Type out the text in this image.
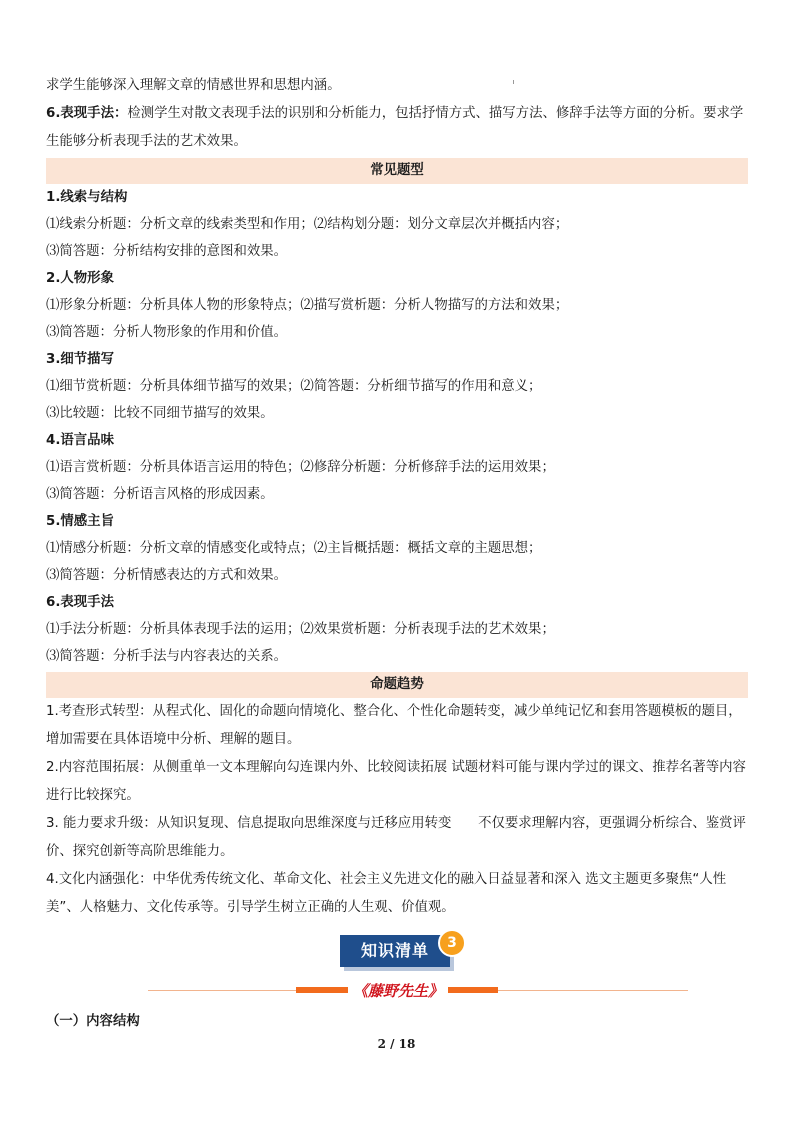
求学生能够深入理解文章的情感世界和思想内涵。
6.表现手法：检测学生对散文表现手法的识别和分析能力，包括抒情方式、描写方法、修辞手法等方面的分析。要求学生能够分析表现手法的艺术效果。
常见题型
1.线索与结构
⑴线索分析题：分析文章的线索类型和作用；⑵结构划分题：划分文章层次并概括内容；
⑶简答题：分析结构安排的意图和效果。
2.人物形象
⑴形象分析题：分析具体人物的形象特点；⑵描写赏析题：分析人物描写的方法和效果；
⑶简答题：分析人物形象的作用和价值。
3.细节描写
⑴细节赏析题：分析具体细节描写的效果；⑵简答题：分析细节描写的作用和意义；
⑶比较题：比较不同细节描写的效果。
4.语言品味
⑴语言赏析题：分析具体语言运用的特色；⑵修辞分析题：分析修辞手法的运用效果；
⑶简答题：分析语言风格的形成因素。
5.情感主旨
⑴情感分析题：分析文章的情感变化或特点；⑵主旨概括题：概括文章的主题思想；
⑶简答题：分析情感表达的方式和效果。
6.表现手法
⑴手法分析题：分析具体表现手法的运用；⑵效果赏析题：分析表现手法的艺术效果；
⑶简答题：分析手法与内容表达的关系。
命题趋势

1.考查形式转型：从程式化、固化的命题向情境化、整合化、个性化命题转变，减少单纯记忆和套用答题模板的题目，增加需要在具体语境中分析、理解的题目。

2.内容范围拓展：从侧重单一文本理解向勾连课内外、比较阅读拓展 试题材料可能与课内学过的课文、推荐名著等内容进行比较探究。

3. 能力要求升级：从知识复现、信息提取向思维深度与迁移应用转变　　不仅要求理解内容，更强调分析综合、鉴赏评价、探究创新等高阶思维能力。

4.文化内涵强化：中华优秀传统文化、革命文化、社会主义先进文化的融入日益显著和深入 选文主题更多聚焦“人性美”、人格魅力、文化传承等。引导学生树立正确的人生观、价值观。

知识清单	3
《藤野先生》
（一）内容结构
2 / 18
